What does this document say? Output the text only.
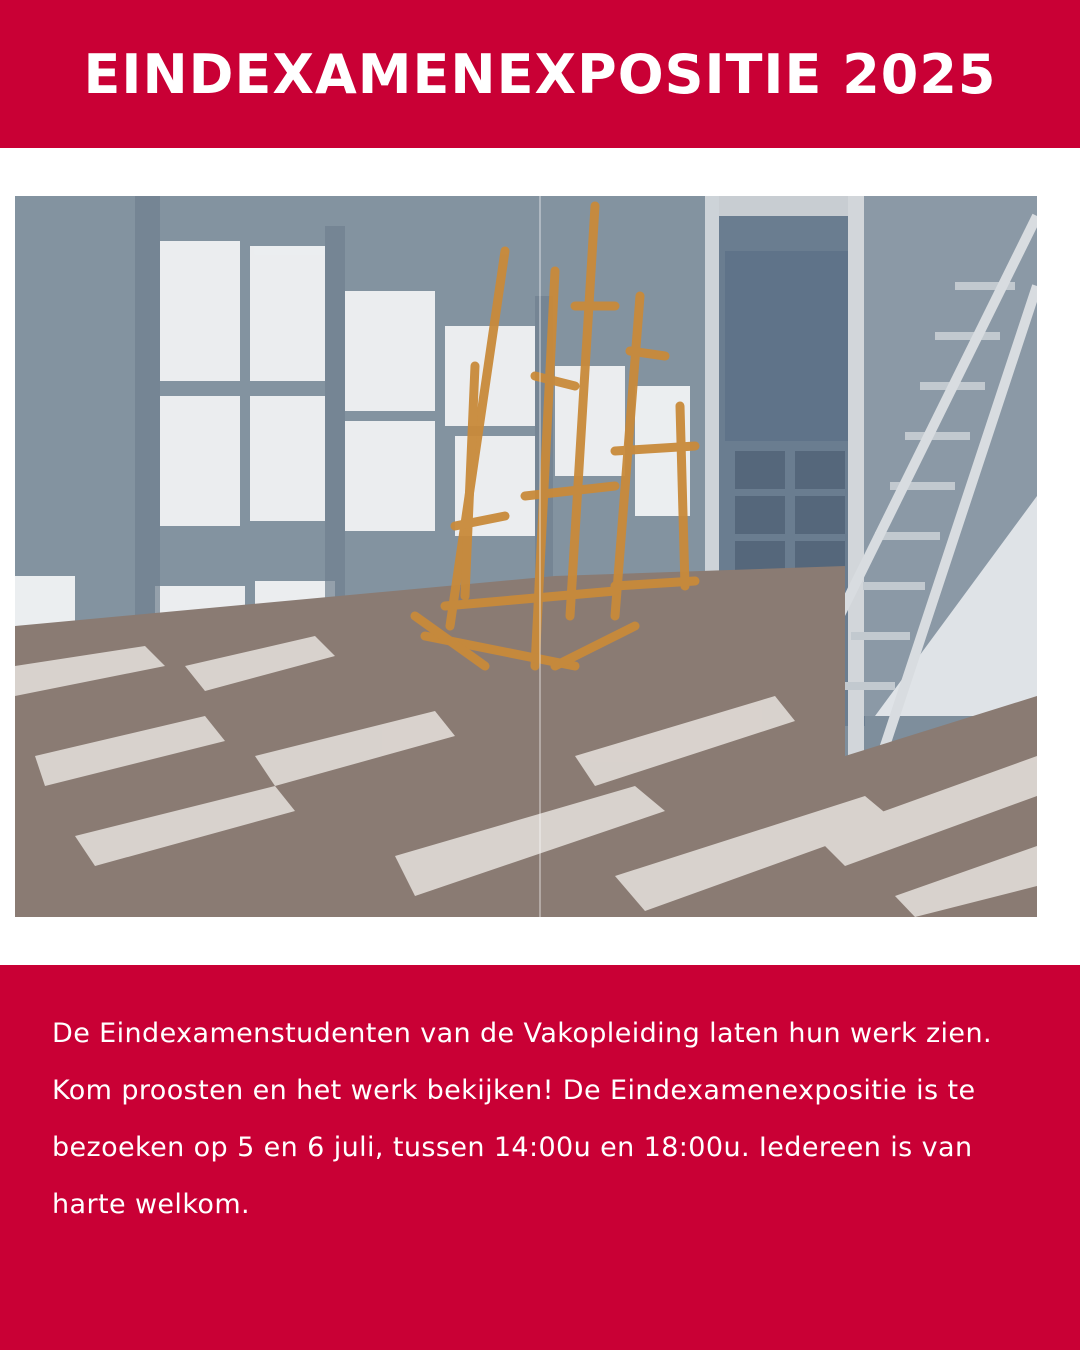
EINDEXAMENEXPOSITIE 2025

De Eindexamenstudenten van de Vakopleiding laten hun werk zien. Kom proosten en het werk bekijken! De Eindexamenexpositie is te bezoeken op 5 en 6 juli, tussen 14:00u en 18:00u. Iedereen is van harte welkom.
